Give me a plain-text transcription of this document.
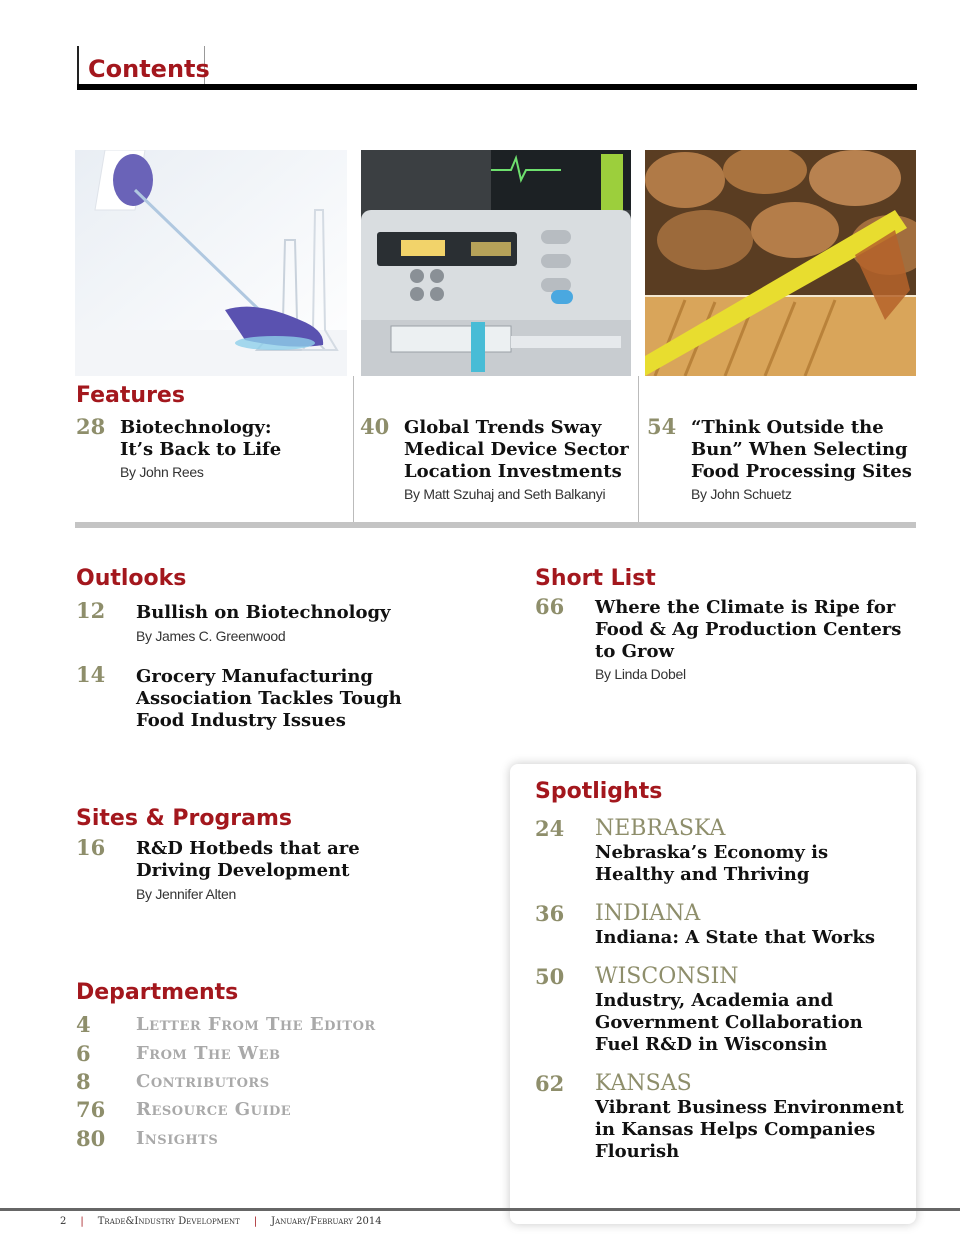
Contents
Features
28 Biotechnology:
It’s Back to Life
By John Rees
40 Global Trends Sway
Medical Device Sector
Location Investments
By Matt Szuhaj and Seth Balkanyi
54 “Think Outside the
Bun” When Selecting
Food Processing Sites
By John Schuetz
Outlooks
12 Bullish on Biotechnology
By James C. Greenwood
14 Grocery Manufacturing
Association Tackles Tough
Food Industry Issues
Short List
66 Where the Climate is Ripe for
Food & Ag Production Centers
to Grow
By Linda Dobel
Sites & Programs
16 R&D Hotbeds that are
Driving Development
By Jennifer Alten
Departments
4	Letter From The Editor
6	From The Web
8	Contributors
76 Resource Guide
80 Insights
Spotlights
24 NEBRASKA
Nebraska’s Economy is
Healthy and Thriving
36 INDIANA
Indiana: A State that Works
50 WISCONSIN
Industry, Academia and
Government Collaboration
Fuel R&D in Wisconsin
62 KANSAS
Vibrant Business Environment
in Kansas Helps Companies
Flourish
2 | Trade&Industry Development | January/February 2014
